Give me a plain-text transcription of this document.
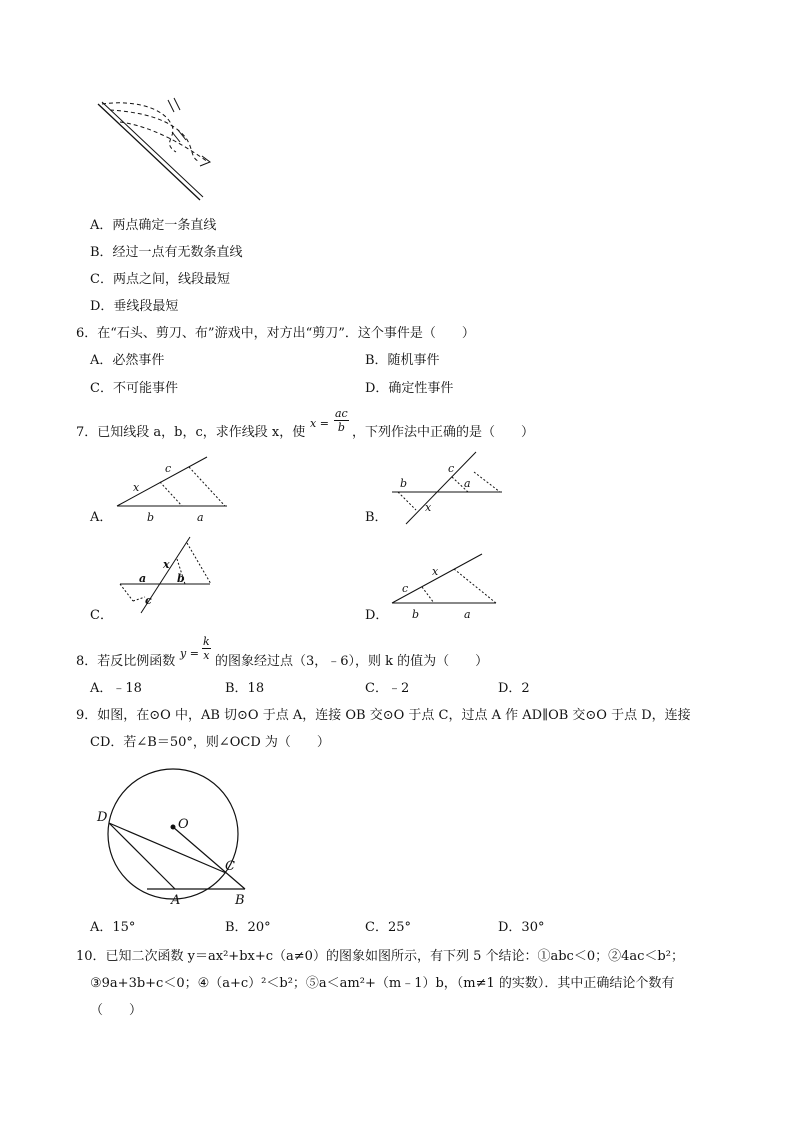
A．两点确定一条直线
B．经过一点有无数条直线
C．两点之间，线段最短
D．垂线段最短
6．在“石头、剪刀、布”游戏中，对方出“剪刀”．这个事件是（　　）
A．必然事件	B．随机事件
C．不可能事件	D．确定性事件
7．已知线段 a，b，c，求作线段 x，使
x =
ac
b ，下列作法中正确的是（　　）
x
c
b	a
A．
c
b	a
x
B．
x
a	b
c
C．
c
x
b	a
D．
8．若反比例函数
y =
k
x 的图象经过点（3，﹣6），则 k 的值为（　　）
A．﹣18	B．18	C．﹣2	D．2
9．如图，在⊙O 中，AB 切⊙O 于点 A，连接 OB 交⊙O 于点 C，过点 A 作 AD∥OB 交⊙O 于点 D，连接
CD．若∠B＝50°，则∠OCD 为（　　）
D	O
C
A	B
A．15°	B．20°	C．25°	D．30°
10．已知二次函数 y＝ax²+bx+c（a≠0）的图象如图所示，有下列 5 个结论：①abc＜0；②4ac＜b²；
③9a+3b+c＜0；④（a+c）²＜b²；⑤a＜am²+（m﹣1）b，（m≠1 的实数）．其中正确结论个数有
（　　）
